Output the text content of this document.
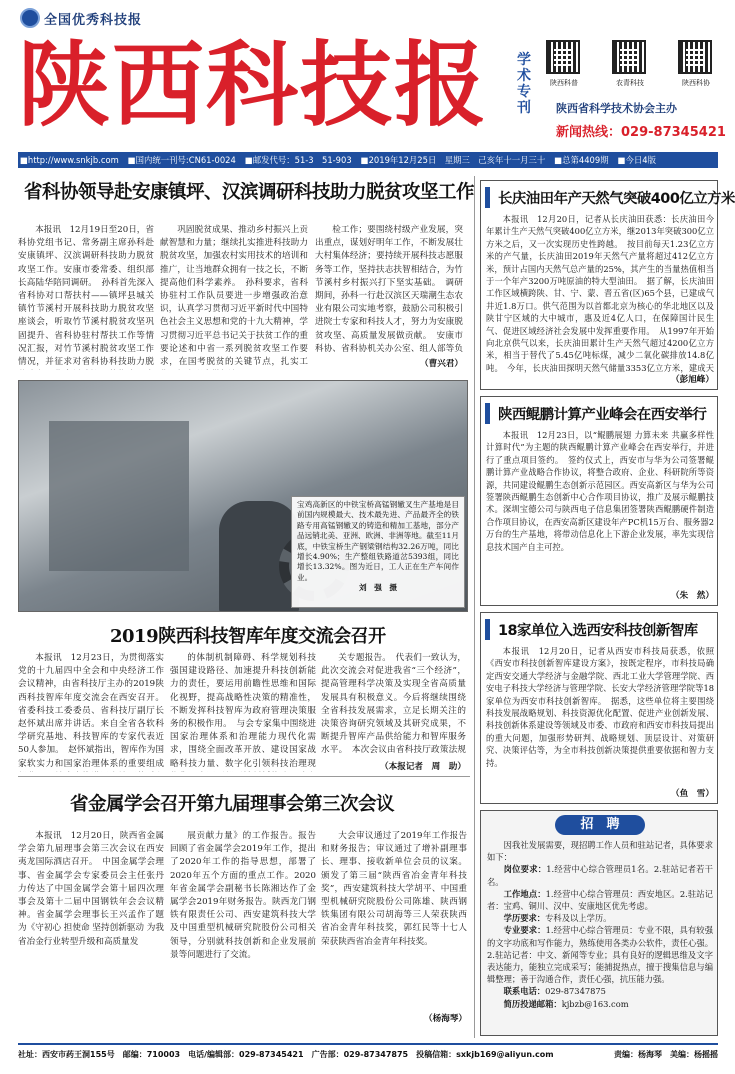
全国优秀科技报
陕西科技报 学术专刊
陕西科普	农青科技	陕西科协
陕西省科学技术协会主办
新闻热线：029-87345421
■http://www.snkjb.com ■国内统一刊号:CN61-0024 ■邮发代号：51-3　51-903 ■2019年12月25日　星期三　己亥年十一月三十 ■总第4409期 ■今日4版
省科协领导赴安康镇坪、汉滨调研科技助力脱贫攻坚工作
本报讯　12月19日至20日，省科协党组书记、常务副主席孙科赴安康镇坪、汉滨调研科技助力脱贫攻坚工作。安康市委常委、组织部长高陆华陪同调研。　孙科首先深入省科协对口帮扶村——镇坪县城关镇竹节溪村开展科技助力脱贫攻坚座谈会，听取竹节溪村脱贫攻坚巩固提升、省科协驻村帮扶工作等情况汇报，对竹节溪村脱贫攻坚工作情况，并征求对省科协科技助力脱
巩固脱贫成果、推动乡村振兴上贡献智慧和力量；继续扎实推进科技助力脱贫攻坚，加强农村实用技术的培训和推广，让当地群众拥有一技之长，不断提高他们科学素养。　孙科要求，省科协驻村工作队员要进一步增强政治意识，认真学习贯彻习近平新时代中国特色社会主义思想和党的十九大精神，学习贯彻习近平总书记关于扶贫工作的重要论述和中省一系列脱贫攻坚工作要求，在国考脱贫的关键节点，扎实工
检工作；要围绕村级产业发展，突出重点，谋划好明年工作，不断发展壮大村集体经济；要持续开展科技志愿服务等工作，坚持扶志扶智相结合，为竹节溪村乡村振兴打下坚实基础。　调研期间，孙科一行赴汉滨区天瑞潮生态农业有限公司实地考察，鼓励公司积极引进院士专家和科技人才，努力为安康脱贫攻坚、高质量发展做贡献。　安康市科协、省科协机关办公室、组人部等负
（曹兴君）
宝鸡高新区的中铁宝桥高锰钢辙叉生产基地是目前国内规模最大、技术最先进、产品最齐全的铁路专用高锰钢辙叉的铸造和精加工基地，部分产品远销北美、亚洲、欧洲、非洲等地。截至11月底，中铁宝桥生产钢梁钢结构32.26万吨，同比增长4.90%；生产整组铁路道岔5393组，同比增长13.32%。图为近日，工人正在生产车间作业。
刘　强　摄
2019陕西科技智库年度交流会召开
本报讯　12月23日，为贯彻落实党的十九届四中全会和中央经济工作会议精神，由省科技厅主办的2019陕西科技智库年度交流会在西安召开。省委科技工委委员、省科技厅副厅长赵怀斌出席并讲话。来自全省各软科学研究基地、科技智库的专家代表近50人参加。　赵怀斌指出，智库作为国家软实力和国家治理体系的重要组成
的体制机制障碍、科学规划科技强国建设路径、加速提升科技创新能力的责任，要运用前瞻性思维和国际化视野，提高战略性决策的精准性，不断发挥科技智库为政府管理决策服务的积极作用。　与会专家集中围绕进国家治理体系和治理能力现代化需求，围绕全面改革开放、建设国家战略科技力量、数字化引领科技治理现
关专题报告。　代表们一致认为，此次交流会对促进我省“三个经济”，提高管理科学决策及实现全省高质量发展具有积极意义。今后将继续围绕全省科技发展需求，立足长期关注的决策咨询研究领域及其研究成果，不断提升智库产品供给能力和智库服务水平。　本次会议由省科技厅政策法规
（本报记者　周　助）
省金属学会召开第九届理事会第三次会议
本报讯　12月20日，陕西省金属学会第九届理事会第三次会议在西安夷龙国际酒店召开。　中国金属学会理事、省金属学会专家委员会主任张丹力传达了中国金属学会第十届四次理事会及第十二届中国钢铁年会会议精神。省金属学会理事长王兴孟作了题为《守初心 担使命 坚持创新驱动 为我省冶金行业转型升级和高质量发
展贡献力量》的工作报告。报告回顾了省金属学会2019年工作，提出了2020年工作的指导思想，部署了2020年五个方面的重点工作。2020年省金属学会副秘书长陈湘达作了金属学会2019年财务报告。陕西龙门钢铁有限责任公司、西安建筑科技大学及中国重型机械研究院股份公司相关领导，分别就科技创新和企业发展前景等问题进行了交流。
大会审议通过了2019年工作报告和财务报告；审议通过了增补副理事长、理事、接收新单位会员的议案。颁发了第三届“陕西省冶金青年科技奖”，西安建筑科技大学胡平、中国重型机械研究院股份公司陈雄、陕西钢铁集团有限公司胡海等三人荣获陕西省冶金青年科技奖，郭红民等十七人荣获陕西省冶金青年科技奖。
（杨海琴）
长庆油田年产天然气突破400亿立方米
本报讯　12月20日，记者从长庆油田获悉：长庆油田今年累计生产天然气突破400亿立方米，继2013年突破300亿立方米之后，又一次实现历史性跨越。　按目前每天1.23亿立方米的产气量，长庆油田2019年天然气产量将超过412亿立方米，预计占国内天然气总产量的25%，其产生的当量热值相当于一个年产3200万吨原油的特大型油田。　据了解，长庆油田工作区域横跨陕、甘、宁、蒙、晋五省(区)65个县，已建成气井近1.8万口。供气范围为以首都北京为核心的华北地区以及陕甘宁区域的大中城市，惠及近4亿人口，在保障国计民生气、促进区域经济社会发展中发挥重要作用。　从1997年开始向北京供气以来，长庆油田累计生产天然气超过4200亿立方米，相当于替代了5.45亿吨标煤，减少二氧化碳排放14.8亿吨。　今年，长庆油田探明天然气储量3353亿立方米，建成天
（彭旭峰）
陕西鲲鹏计算产业峰会在西安举行
本报讯　12月23日，以“鲲鹏展翅 力算未来 共赢多样性计算时代”为主题的陕西鲲鹏计算产业峰会在西安举行，并进行了重点项目签约。　签约仪式上，西安市与华为公司签署鲲鹏计算产业战略合作协议，将整合政府、企业、科研院所等资源，共同建设鲲鹏生态创新示范园区。西安高新区与华为公司签署陕西鲲鹏生态创新中心合作项目协议，推广及展示鲲鹏技术。深圳宝德公司与陕西电子信息集团签署陕西鲲鹏硬件制造合作项目协议，在西安高新区建设年产PC机15万台、服务器2万台的生产基地，将带动信息化上下游企业发展，率先实现信息技术国产自主可控。
（朱　然）
18家单位入选西安科技创新智库
本报讯　12月20日，记者从西安市科技局获悉，依照《西安市科技创新智库建设方案》，按既定程序，市科技局确定西安交通大学经济与金融学院、西北工业大学管理学院、西安电子科技大学经济与管理学院、长安大学经济管理学院等18家单位为西安市科技创新智库。　据悉，这些单位将主要围绕科技发展战略规划、科技资源优化配置、促进产业创新发展、科技创新体系建设等领域及市委、市政府和西安市科技局提出的重大问题，加强形势研判、战略规划、顶层设计、对策研究、决策评估等，为全市科技创新决策提供重要依据和智力支持。
（鱼　雪）
招　聘
因我社发展需要，现招聘工作人员和驻站记者，具体要求如下：
岗位要求：1.经营中心综合管理员1名。2.驻站记者若干名。
工作地点：1.经营中心综合管理员：西安地区。2.驻站记者：宝鸡、铜川、汉中、安康地区优先考虑。
学历要求：专科及以上学历。
专业要求：1.经营中心综合管理员：专业不限，具有较强的文字功底和写作能力，熟练使用各类办公软件，责任心强。2.驻站记者：中文、新闻等专业；具有良好的逻辑思维及文字表达能力，能独立完成采写；能捕捉热点，擅于搜集信息与编辑整理；善于沟通合作，责任心强，抗压能力强。
联系电话：029-87347875
简历投递邮箱：kjbzb@163.com
社址：西安市药王洞155号　邮编：710003　电话/编辑部：029-87345421　广告部：029-87347875　投稿信箱：sxkjb169@aliyun.com	责编：杨海琴　美编：杨摇摇
